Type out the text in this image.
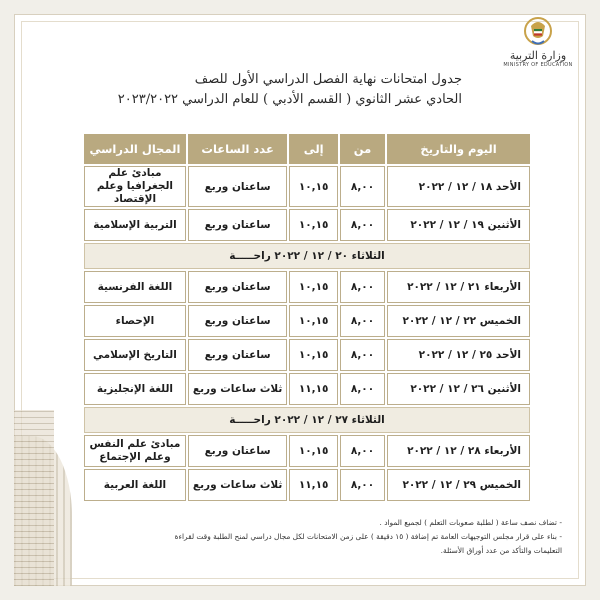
وزارة التربية
MINISTRY OF EDUCATION
جدول امتحانات نهاية الفصل الدراسي الأول للصف
الحادي عشر الثانوي ( القسم الأدبي ) للعام الدراسي ٢٠٢٣/٢٠٢٢
اليوم والتاريخ	من	إلى	عدد الساعات	المجال الدراسي
الأحد ١٨ / ١٢ / ٢٠٢٢	٨,٠٠	١٠,١٥	ساعتان وربع	مبادئ علم الجغرافيا وعلم الإقتصاد
الأثنين ١٩ / ١٢ / ٢٠٢٢	٨,٠٠	١٠,١٥	ساعتان وربع	التربية الإسلامية
الثلاثاء ٢٠ / ١٢ / ٢٠٢٢ راحـــــة				
الأربعاء ٢١ / ١٢ / ٢٠٢٢	٨,٠٠	١٠,١٥	ساعتان وربع	اللغة الفرنسية
الخميس ٢٢ / ١٢ / ٢٠٢٢	٨,٠٠	١٠,١٥	ساعتان وربع	الإحصاء
الأحد ٢٥ / ١٢ / ٢٠٢٢	٨,٠٠	١٠,١٥	ساعتان وربع	التاريخ الإسلامي
الأثنين ٢٦ / ١٢ / ٢٠٢٢	٨,٠٠	١١,١٥	ثلاث ساعات وربع	اللغة الإنجليزية
الثلاثاء ٢٧ / ١٢ / ٢٠٢٢ راحـــــة				
الأربعاء ٢٨ / ١٢ / ٢٠٢٢	٨,٠٠	١٠,١٥	ساعتان وربع	مبادئ علم النفس وعلم الإجتماع
الخميس ٢٩ / ١٢ / ٢٠٢٢	٨,٠٠	١١,١٥	ثلاث ساعات وربع	اللغة العربية

- تضاف نصف ساعة ( لطلبة صعوبات التعلم ) لجميع المواد .

- بناء على قرار مجلس التوجيهات العامة تم إضافة ( ١٥ دقيقة ) على زمن الامتحانات لكل مجال دراسي لمنح الطلبة وقت لقراءة

التعليمات والتأكد من عدد أوراق الأسئلة.
